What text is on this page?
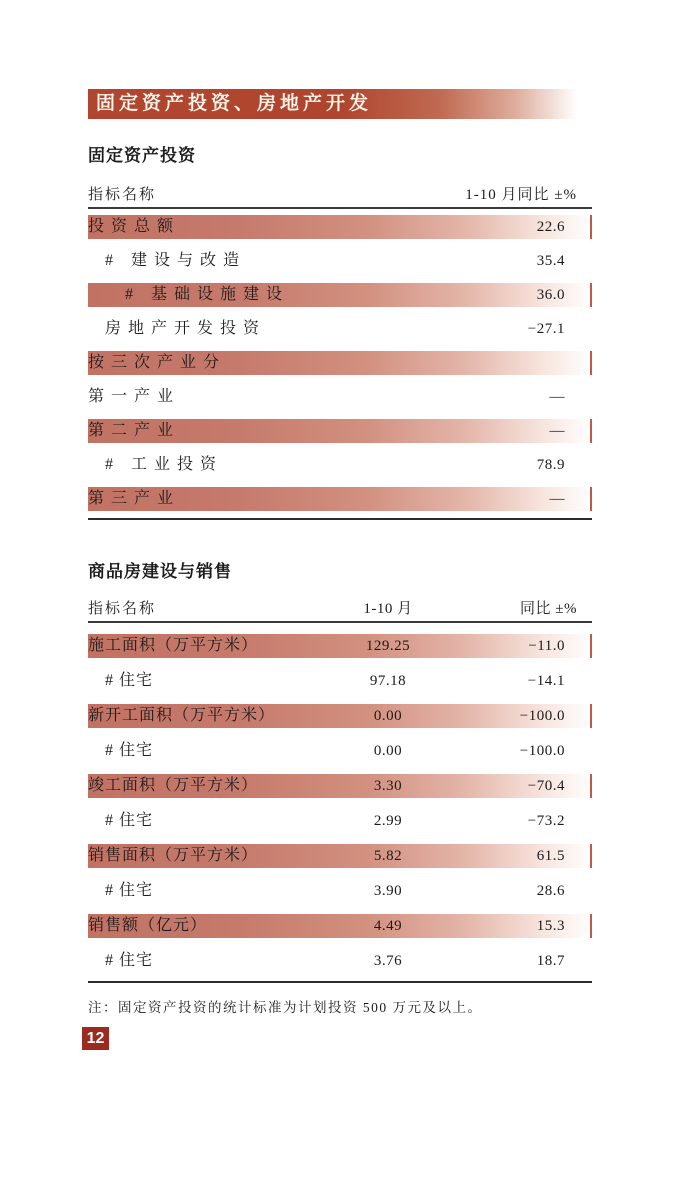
固定资产投资、房地产开发
固定资产投资
指标名称	1-10 月同比 ±%
投资总额	22.6
# 建设与改造	35.4
# 基础设施建设	36.0
房地产开发投资	−27.1
按三次产业分
第一产业	—
第二产业	—
# 工业投资	78.9
第三产业	—
商品房建设与销售
指标名称	1-10 月	同比 ±%
施工面积（万平方米）	129.25	−11.0
# 住宅	97.18	−14.1
新开工面积（万平方米）	0.00	−100.0
# 住宅	0.00	−100.0
竣工面积（万平方米）	3.30	−70.4
# 住宅	2.99	−73.2
销售面积（万平方米）	5.82	61.5
# 住宅	3.90	28.6
销售额（亿元）	4.49	15.3
# 住宅	3.76	18.7
注：固定资产投资的统计标准为计划投资 500 万元及以上。
12
